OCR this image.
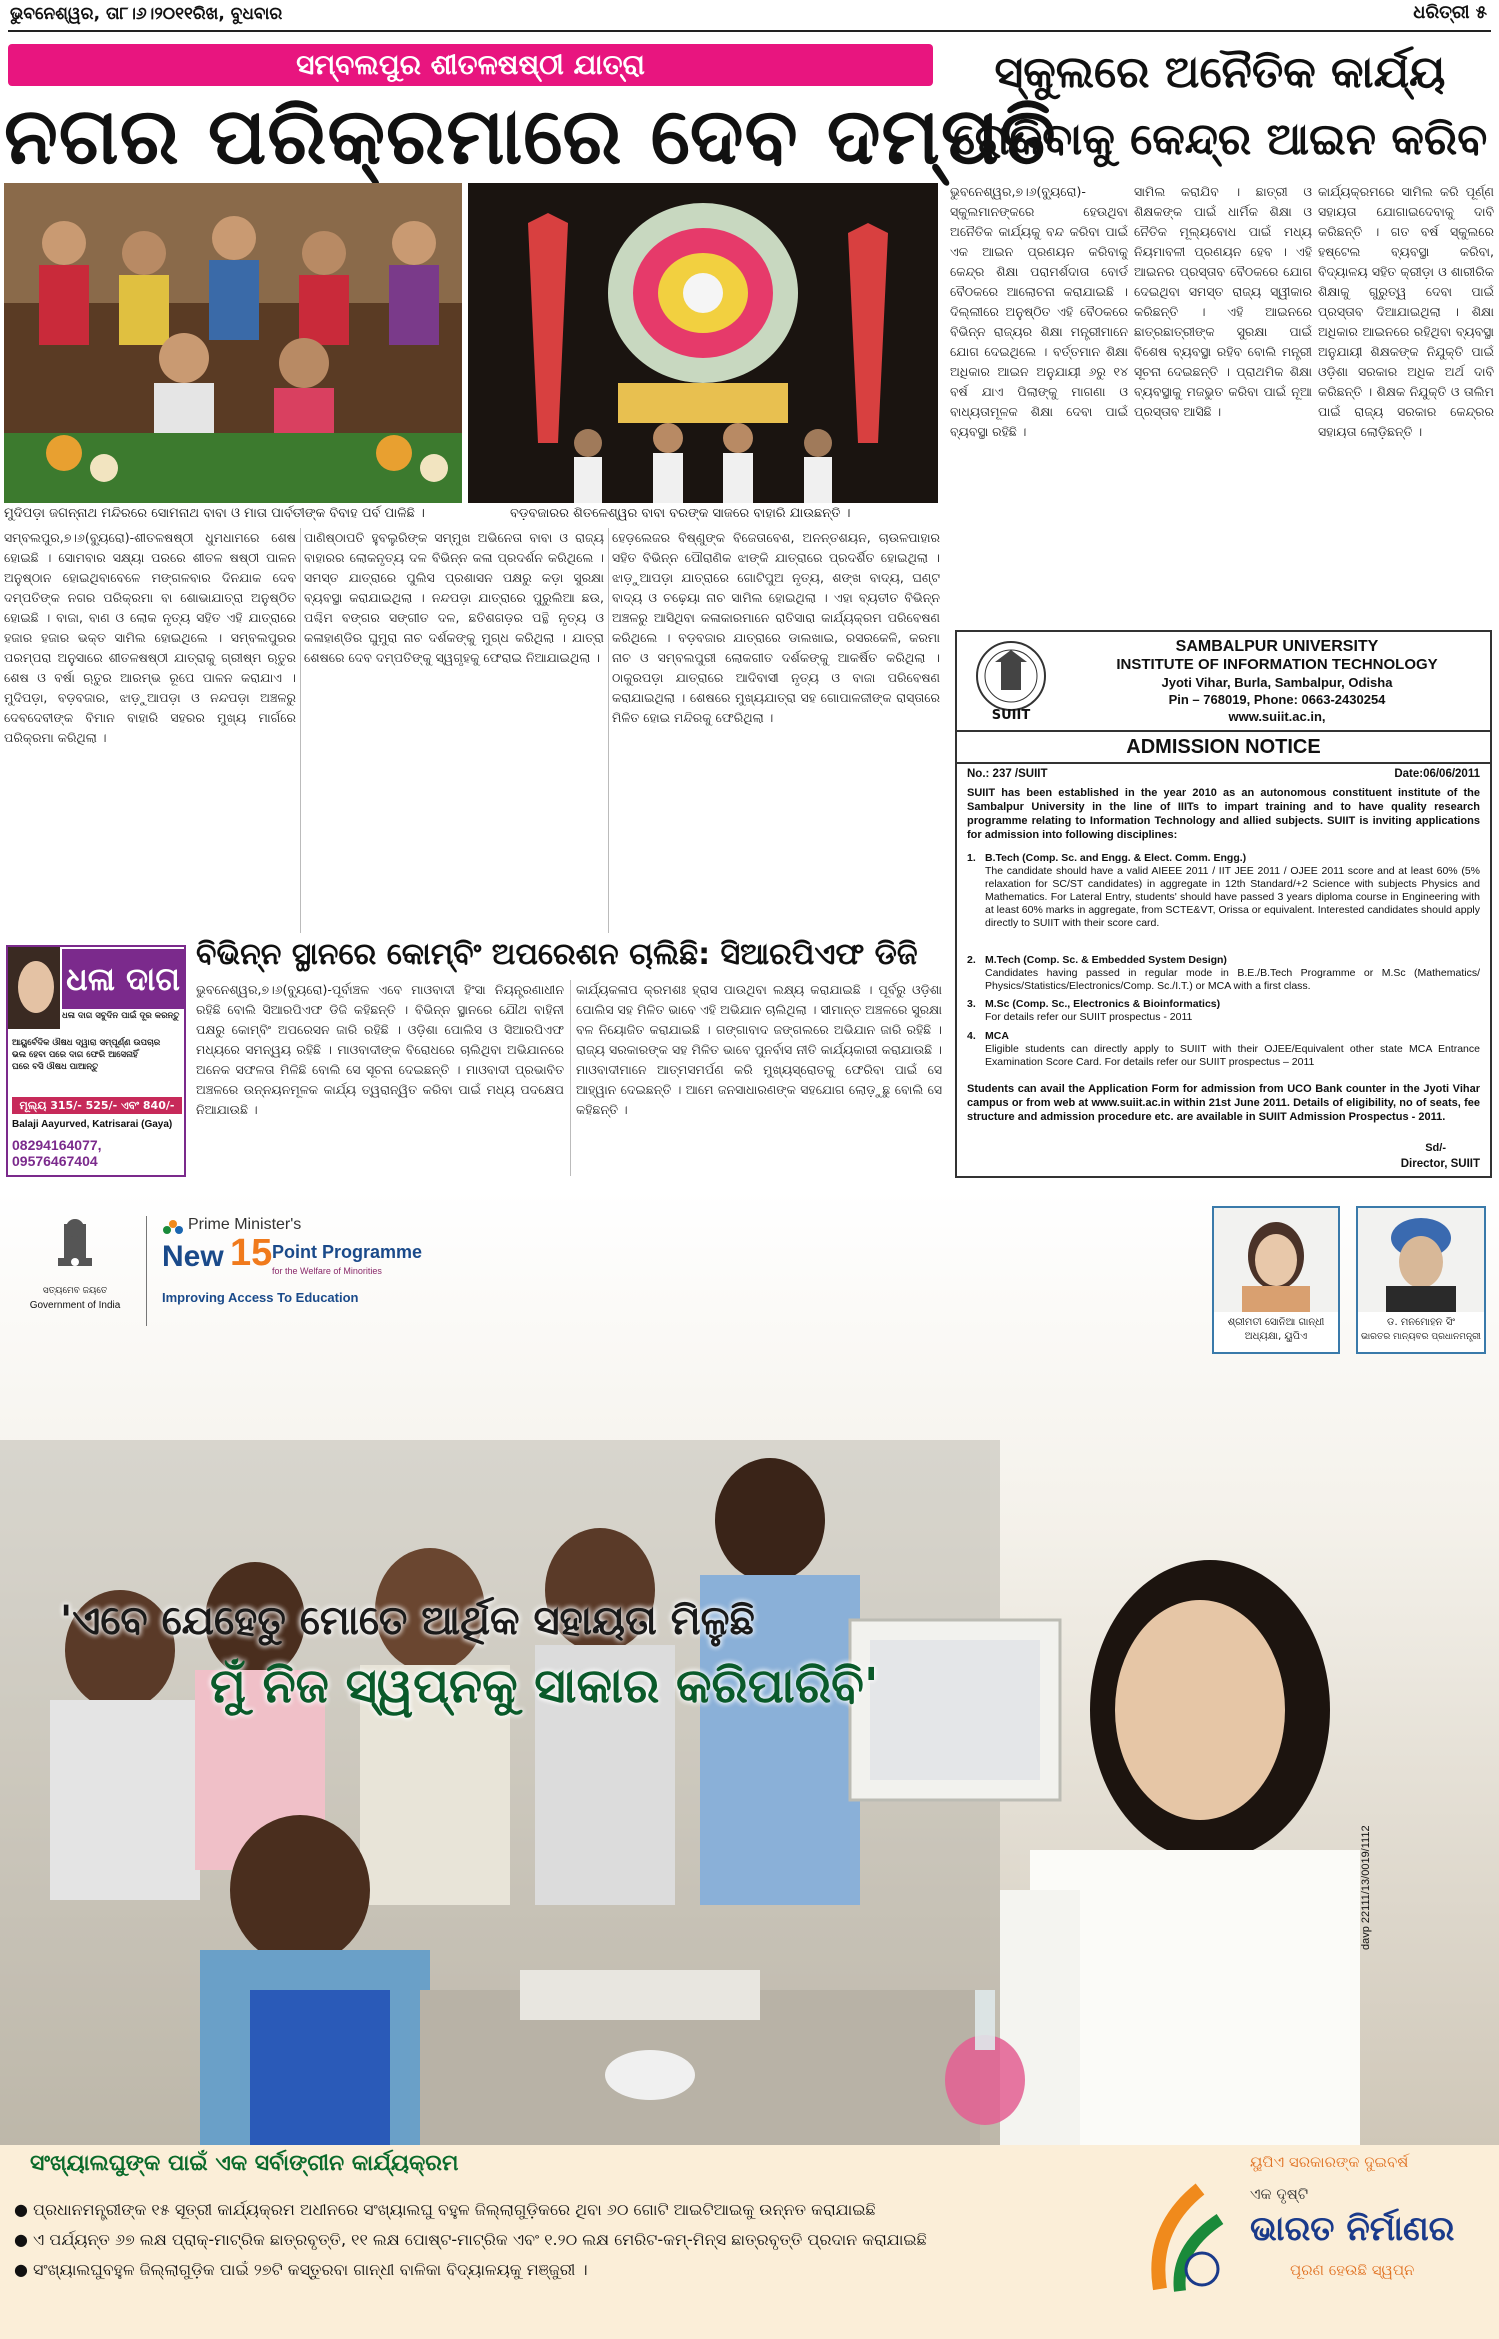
ଭୁବନେଶ୍ୱର, ତା୮।୬।୨୦୧୧ରିଖ, ବୁଧବାର	ଧରିତ୍ରୀ ୫
ସମ୍ବଲପୁର ଶୀତଳଷଷ୍ଠୀ ଯାତ୍ରା
ନଗର ପରିକ୍ରମାରେ ଦେବ ଦମ୍ପତି
ମୁଦିପଡ଼ା ଜଗନ୍ନାଥ ମନ୍ଦିରରେ ସୋମନାଥ ବାବା ଓ ମାତା ପାର୍ବତୀଙ୍କ ବିବାହ ପର୍ବ ପାଳିଛି ।	ବଡ଼ବଜାରର ଶିତଳେଶ୍ୱର ବାବା ବରଙ୍କ ସାଜରେ ବାହାରି ଯାଉଛନ୍ତି ।
ସମ୍ବଲପୁର,୭।୬(ବ୍ୟୁରୋ)-ଶୀତଳଷଷ୍ଠୀ ଧୁମଧାମରେ ଶେଷ ହୋଇଛି । ସୋମବାର ସକ୍ଷ୍ୟା ପରରେ ଶୀତଳ ଷଷ୍ଠୀ ପାଳନ ଅନୁଷ୍ଠାନ ହୋଇଥିବାବେଳେ ମଙ୍ଗଳବାର ଦିନଯାକ ଦେବ ଦମ୍ପତିଙ୍କ ନଗର ପରିକ୍ରମା ବା ଶୋଭାଯାତ୍ରା ଅନୁଷ୍ଠିତ ହୋଇଛି । ବାଜା, ବାଣ ଓ ଲୋକ ନୃତ୍ୟ ସହିତ ଏହି ଯାତ୍ରାରେ ହଜାର ହଜାର ଭକ୍ତ ସାମିଲ ହୋଇଥିଲେ । ସମ୍ବଲପୁରର ପରମ୍ପରା ଅନୁସାରେ ଶୀତଳଷଷ୍ଠୀ ଯାତ୍ରାକୁ ଗ୍ରୀଷ୍ମ ଋତୁର ଶେଷ ଓ ବର୍ଷା ଋତୁର ଆରମ୍ଭ ରୂପେ ପାଳନ କରାଯାଏ । ମୁଦିପଡ଼ା, ବଡ଼ବଜାର, ଝାଡ଼ୁଆପଡ଼ା ଓ ନନ୍ଦପଡ଼ା ଅଞ୍ଚଳରୁ ଦେବଦେବୀଙ୍କ ବିମାନ ବାହାରି ସହରର ମୁଖ୍ୟ ମାର୍ଗରେ ପରିକ୍ରମା କରିଥିଲା ।
ପାଣିଷ୍ଠାପତି ହୁବଲୁରିଙ୍କ ସମ୍ମୁଖ ଅଭିନେତା ବାବା ଓ ରାଜ୍ୟ ବାହାରର ଲୋକନୃତ୍ୟ ଦଳ ବିଭିନ୍ନ କଳା ପ୍ରଦର୍ଶନ କରିଥିଲେ । ସମସ୍ତ ଯାତ୍ରାରେ ପୁଲିସ ପ୍ରଶାସନ ପକ୍ଷରୁ କଡ଼ା ସୁରକ୍ଷା ବ୍ୟବସ୍ଥା କରାଯାଇଥିଲା । ନନ୍ଦପଡ଼ା ଯାତ୍ରାରେ ପୁରୁଲିଆ ଛଉ, ପଶ୍ଚିମ ବଙ୍ଗର ସଙ୍ଗୀତ ଦଳ, ଛତିଶଗଡ଼ର ପନ୍ଥି ନୃତ୍ୟ ଓ କଳାହାଣ୍ଡିର ଘୁମୁରା ନାଚ ଦର୍ଶକଙ୍କୁ ମୁଗ୍ଧ କରିଥିଲା । ଯାତ୍ରା ଶେଷରେ ଦେବ ଦମ୍ପତିଙ୍କୁ ସ୍ୱଗୃହକୁ ଫେରାଇ ନିଆଯାଇଥିଲା ।
ହେଡ଼ଲେଜର ବିଷ୍ଣୁଙ୍କ ବିଜେତାବେଶ, ଅନନ୍ତଶୟନ, ଚାଉଳପାହାର ସହିତ ବିଭିନ୍ନ ପୌରାଣିକ ଝାଙ୍କି ଯାତ୍ରାରେ ପ୍ରଦର୍ଶିତ ହୋଇଥିଲା । ଝାଡ଼ୁଆପଡ଼ା ଯାତ୍ରାରେ ଗୋଟିପୁଅ ନୃତ୍ୟ, ଶଙ୍ଖ ବାଦ୍ୟ, ଘଣ୍ଟ ବାଦ୍ୟ ଓ ଚଢ଼େୟା ନାଚ ସାମିଲ ହୋଇଥିଲା । ଏହା ବ୍ୟତୀତ ବିଭିନ୍ନ ଅଞ୍ଚଳରୁ ଆସିଥିବା କଳାକାରମାନେ ରାତିସାରା କାର୍ଯ୍ୟକ୍ରମ ପରିବେଷଣ କରିଥିଲେ । ବଡ଼ବଜାର ଯାତ୍ରାରେ ଡାଲଖାଇ, ରସରକେଳି, କରମା ନାଚ ଓ ସମ୍ବଲପୁରୀ ଲୋକଗୀତ ଦର୍ଶକଙ୍କୁ ଆକର୍ଷିତ କରିଥିଲା । ଠାକୁରପଡ଼ା ଯାତ୍ରାରେ ଆଦିବାସୀ ନୃତ୍ୟ ଓ ବାଜା ପରିବେଷଣ କରାଯାଇଥିଲା । ଶେଷରେ ମୁଖ୍ୟଯାତ୍ରା ସହ ଗୋପାଳଜୀଙ୍କ ରାସ୍ତାରେ ମିଳିତ ହୋଇ ମନ୍ଦିରକୁ ଫେରିଥିଲା ।
ସ୍କୁଲରେ ଅନୈତିକ କାର୍ଯ୍ୟ
ରୋକିବାକୁ କେନ୍ଦ୍ର ଆଇନ କରିବ
ଭୁବନେଶ୍ୱର,୭।୬(ବ୍ୟୁରୋ)-ସ୍କୁଲମାନଙ୍କରେ ହେଉଥିବା ଅନୈତିକ କାର୍ଯ୍ୟକୁ ବନ୍ଦ କରିବା ପାଇଁ ଏକ ଆଇନ ପ୍ରଣୟନ କରିବାକୁ କେନ୍ଦ୍ର ଶିକ୍ଷା ପରାମର୍ଶଦାତା ବୋର୍ଡ ବୈଠକରେ ଆଲୋଚନା କରାଯାଇଛି । ଦିଲ୍ଲୀରେ ଅନୁଷ୍ଠିତ ଏହି ବୈଠକରେ ବିଭିନ୍ନ ରାଜ୍ୟର ଶିକ୍ଷା ମନ୍ତ୍ରୀମାନେ ଯୋଗ ଦେଇଥିଲେ । ବର୍ତ୍ତମାନ ଶିକ୍ଷା ଅଧିକାର ଆଇନ ଅନୁଯାୟୀ ୬ରୁ ୧୪ ବର୍ଷ ଯାଏ ପିଲାଙ୍କୁ ମାଗଣା ଓ ବାଧ୍ୟତାମୂଳକ ଶିକ୍ଷା ଦେବା ପାଇଁ ବ୍ୟବସ୍ଥା ରହିଛି ।
ସାମିଲ କରାଯିବ । ଛାତ୍ରୀ ଓ ଶିକ୍ଷକଙ୍କ ପାଇଁ ଧାର୍ମିକ ଶିକ୍ଷା ଓ ନୈତିକ ମୂଲ୍ୟବୋଧ ପାଇଁ ମଧ୍ୟ ନିୟମାବଳୀ ପ୍ରଣୟନ ହେବ । ଏହି ଆଇନର ପ୍ରସ୍ତାବ ବୈଠକରେ ଯୋଗ ଦେଇଥିବା ସମସ୍ତ ରାଜ୍ୟ ସ୍ୱୀକାର କରିଛନ୍ତି । ଏହି ଆଇନରେ ଛାତ୍ରଛାତ୍ରୀଙ୍କ ସୁରକ୍ଷା ପାଇଁ ବିଶେଷ ବ୍ୟବସ୍ଥା ରହିବ ବୋଲି ମନ୍ତ୍ରୀ ସୂଚନା ଦେଇଛନ୍ତି । ପ୍ରାଥମିକ ଶିକ୍ଷା ବ୍ୟବସ୍ଥାକୁ ମଜଭୁତ କରିବା ପାଇଁ ନୂଆ ପ୍ରସ୍ତାବ ଆସିଛି ।
କାର୍ଯ୍ୟକ୍ରମରେ ସାମିଲ କରି ପୂର୍ଣ୍ଣ ସହାୟତା ଯୋଗାଇଦେବାକୁ ଦାବି କରିଛନ୍ତି । ଗତ ବର୍ଷ ସ୍କୁଲରେ ହଷ୍ଟେଲ ବ୍ୟବସ୍ଥା କରିବା, ବିଦ୍ୟାଳୟ ସହିତ କ୍ରୀଡ଼ା ଓ ଶାରୀରିକ ଶିକ୍ଷାକୁ ଗୁରୁତ୍ୱ ଦେବା ପାଇଁ ପ୍ରସ୍ତାବ ଦିଆଯାଇଥିଲା । ଶିକ୍ଷା ଅଧିକାର ଆଇନରେ ରହିଥିବା ବ୍ୟବସ୍ଥା ଅନୁଯାୟୀ ଶିକ୍ଷକଙ୍କ ନିଯୁକ୍ତି ପାଇଁ ଓଡ଼ିଶା ସରକାର ଅଧିକ ଅର୍ଥ ଦାବି କରିଛନ୍ତି । ଶିକ୍ଷକ ନିଯୁକ୍ତି ଓ ତାଲିମ ପାଇଁ ରାଜ୍ୟ ସରକାର କେନ୍ଦ୍ରର ସହାୟତା ଲୋଡ଼ିଛନ୍ତି ।
SUIIT
SAMBALPUR UNIVERSITY
INSTITUTE OF INFORMATION TECHNOLOGY
Jyoti Vihar, Burla, Sambalpur, Odisha
Pin – 768019, Phone: 0663-2430254
www.suiit.ac.in,
ADMISSION NOTICE
No.: 237 /SUIIT	Date:06/06/2011
SUIIT has been established in the year 2010 as an autonomous constituent institute of the Sambalpur University in the line of IIITs to impart training and to have quality research programme relating to Information Technology and allied subjects. SUIIT is inviting applications for admission into following disciplines:
1. B.Tech (Comp. Sc. and Engg. & Elect. Comm. Engg.)
The candidate should have a valid AIEEE 2011 / IIT JEE 2011 / OJEE 2011 score and at least 60% (5% relaxation for SC/ST candidates) in aggregate in 12th Standard/+2 Science with subjects Physics and Mathematics. For Lateral Entry, students' should have passed 3 years diploma course in Engineering with at least 60% marks in aggregate, from SCTE&VT, Orissa or equivalent. Interested candidates should apply directly to SUIIT with their score card.
2. M.Tech (Comp. Sc. & Embedded System Design)
Candidates having passed in regular mode in B.E./B.Tech Programme or M.Sc (Mathematics/ Physics/Statistics/Electronics/Comp. Sc./I.T.) or MCA with a first class.
3. M.Sc (Comp. Sc., Electronics & Bioinformatics)
For details refer our SUIIT prospectus - 2011
4. MCA
Eligible students can directly apply to SUIIT with their OJEE/Equivalent other state MCA Entrance Examination Score Card. For details refer our SUIIT prospectus – 2011
Students can avail the Application Form for admission from UCO Bank counter in the Jyoti Vihar campus or from web at www.suiit.ac.in within 21st June 2011. Details of eligibility, no of seats, fee structure and admission procedure etc. are available in SUIIT Admission Prospectus - 2011.
Sd/-
Director, SUIIT
ଧଳା ଦାଗ
ଧଳା ଦାଗ ସବୁଦିନ ପାଇଁ ଦୂର କରନ୍ତୁ
ଆୟୁର୍ବେଦିକ ଔଷଧ ଦ୍ୱାରା ସମ୍ପୂର୍ଣ୍ଣ ଉପଚାର
ଭଲ ହେବା ପରେ ଦାଗ ଫେରି ଆସେନାହିଁ
ଘରେ ବସି ଔଷଧ ପାଆନ୍ତୁ
ମୂଲ୍ୟ 315/- 525/- ଏବଂ 840/-
Balaji Aayurved, Katrisarai (Gaya)
08294164077, 09576467404
ବିଭିନ୍ନ ସ୍ଥାନରେ କୋମ୍ବିଂ ଅପରେଶନ ଚାଲିଛି: ସିଆରପିଏଫ ଡିଜି
ଭୁବନେଶ୍ୱର,୭।୬(ବ୍ୟୁରୋ)-ପୂର୍ବାଞ୍ଚଳ ଏବେ ମାଓବାଦୀ ହିଂସା ନିୟନ୍ତ୍ରଣାଧୀନ ରହିଛି ବୋଲି ସିଆରପିଏଫ ଡିଜି କହିଛନ୍ତି । ବିଭିନ୍ନ ସ୍ଥାନରେ ଯୌଥ ବାହିନୀ ପକ୍ଷରୁ କୋମ୍ବିଂ ଅପରେସନ ଜାରି ରହିଛି । ଓଡ଼ିଶା ପୋଲିସ ଓ ସିଆରପିଏଫ ମଧ୍ୟରେ ସମନ୍ୱୟ ରହିଛି । ମାଓବାଦୀଙ୍କ ବିରୋଧରେ ଚାଲିଥିବା ଅଭିଯାନରେ ଅନେକ ସଫଳତା ମିଳିଛି ବୋଲି ସେ ସୂଚନା ଦେଇଛନ୍ତି । ମାଓବାଦୀ ପ୍ରଭାବିତ ଅଞ୍ଚଳରେ ଉନ୍ନୟନମୂଳକ କାର୍ଯ୍ୟ ତ୍ୱରାନ୍ୱିତ କରିବା ପାଇଁ ମଧ୍ୟ ପଦକ୍ଷେପ ନିଆଯାଉଛି ।
କାର୍ଯ୍ୟକଳାପ କ୍ରମଶଃ ହ୍ରାସ ପାଉଥିବା ଲକ୍ଷ୍ୟ କରାଯାଇଛି । ପୂର୍ବରୁ ଓଡ଼ିଶା ପୋଲିସ ସହ ମିଳିତ ଭାବେ ଏହି ଅଭିଯାନ ଚାଲିଥିଲା । ସୀମାନ୍ତ ଅଞ୍ଚଳରେ ସୁରକ୍ଷା ବଳ ନିୟୋଜିତ କରାଯାଇଛି । ଗଙ୍ଗାବାଦ ଜଙ୍ଗଲରେ ଅଭିଯାନ ଜାରି ରହିଛି । ରାଜ୍ୟ ସରକାରଙ୍କ ସହ ମିଳିତ ଭାବେ ପୁନର୍ବାସ ନୀତି କାର୍ଯ୍ୟକାରୀ କରାଯାଉଛି । ମାଓବାଦୀମାନେ ଆତ୍ମସମର୍ପଣ କରି ମୁଖ୍ୟସ୍ରୋତକୁ ଫେରିବା ପାଇଁ ସେ ଆହ୍ୱାନ ଦେଇଛନ୍ତି । ଆମେ ଜନସାଧାରଣଙ୍କ ସହଯୋଗ ଲୋଡ଼ୁଛୁ ବୋଲି ସେ କହିଛନ୍ତି ।
ସତ୍ୟମେବ ଜୟତେ
Government of India
Prime Minister's
New 15 Point Programme
for the Welfare of Minorities
Improving Access To Education
ଶ୍ରୀମତୀ ସୋନିଆ ଗାନ୍ଧୀ
ଅଧ୍ୟକ୍ଷା, ୟୁପିଏ
ଡ. ମନମୋହନ ସିଂ
ଭାରତର ମାନ୍ୟବର ପ୍ରଧାନମନ୍ତ୍ରୀ
'ଏବେ ଯେହେତୁ ମୋତେ ଆର୍ଥିକ ସହାୟତା ମିଳୁଛି
ମୁଁ ନିଜ ସ୍ୱପ୍ନକୁ ସାକାର କରିପାରିବି'
davp 22111/13/0019/1112
ସଂଖ୍ୟାଲଘୁଙ୍କ ପାଇଁ ଏକ ସର୍ବାଙ୍ଗୀନ କାର୍ଯ୍ୟକ୍ରମ
● ପ୍ରଧାନମନ୍ତ୍ରୀଙ୍କ ୧୫ ସୂତ୍ରୀ କାର୍ଯ୍ୟକ୍ରମ ଅଧୀନରେ ସଂଖ୍ୟାଲଘୁ ବହୁଳ ଜିଲ୍ଲାଗୁଡ଼ିକରେ ଥିବା ୬୦ ଗୋଟି ଆଇଟିଆଇକୁ ଉନ୍ନତ କରାଯାଇଛି
● ଏ ପର୍ଯ୍ୟନ୍ତ ୬୭ ଲକ୍ଷ ପ୍ରାକ୍-ମାଟ୍ରିକ ଛାତ୍ରବୃତ୍ତି, ୧୧ ଲକ୍ଷ ପୋଷ୍ଟ-ମାଟ୍ରିକ ଏବଂ ୧.୨୦ ଲକ୍ଷ ମେରିଟ-କମ୍-ମିନ୍ସ ଛାତ୍ରବୃତ୍ତି ପ୍ରଦାନ କରାଯାଇଛି
● ସଂଖ୍ୟାଲଘୁବହୁଳ ଜିଲ୍ଲାଗୁଡ଼ିକ ପାଇଁ ୨୭ଟି କସ୍ତୁରବା ଗାନ୍ଧୀ ବାଳିକା ବିଦ୍ୟାଳୟକୁ ମଞ୍ଜୁରୀ ।
ୟୁପିଏ ସରକାରଙ୍କ ଦୁଇବର୍ଷ
ଏକ ଦୃଷ୍ଟି
ଭାରତ ନିର୍ମାଣର
ପୂରଣ ହେଉଛି ସ୍ୱପ୍ନ
